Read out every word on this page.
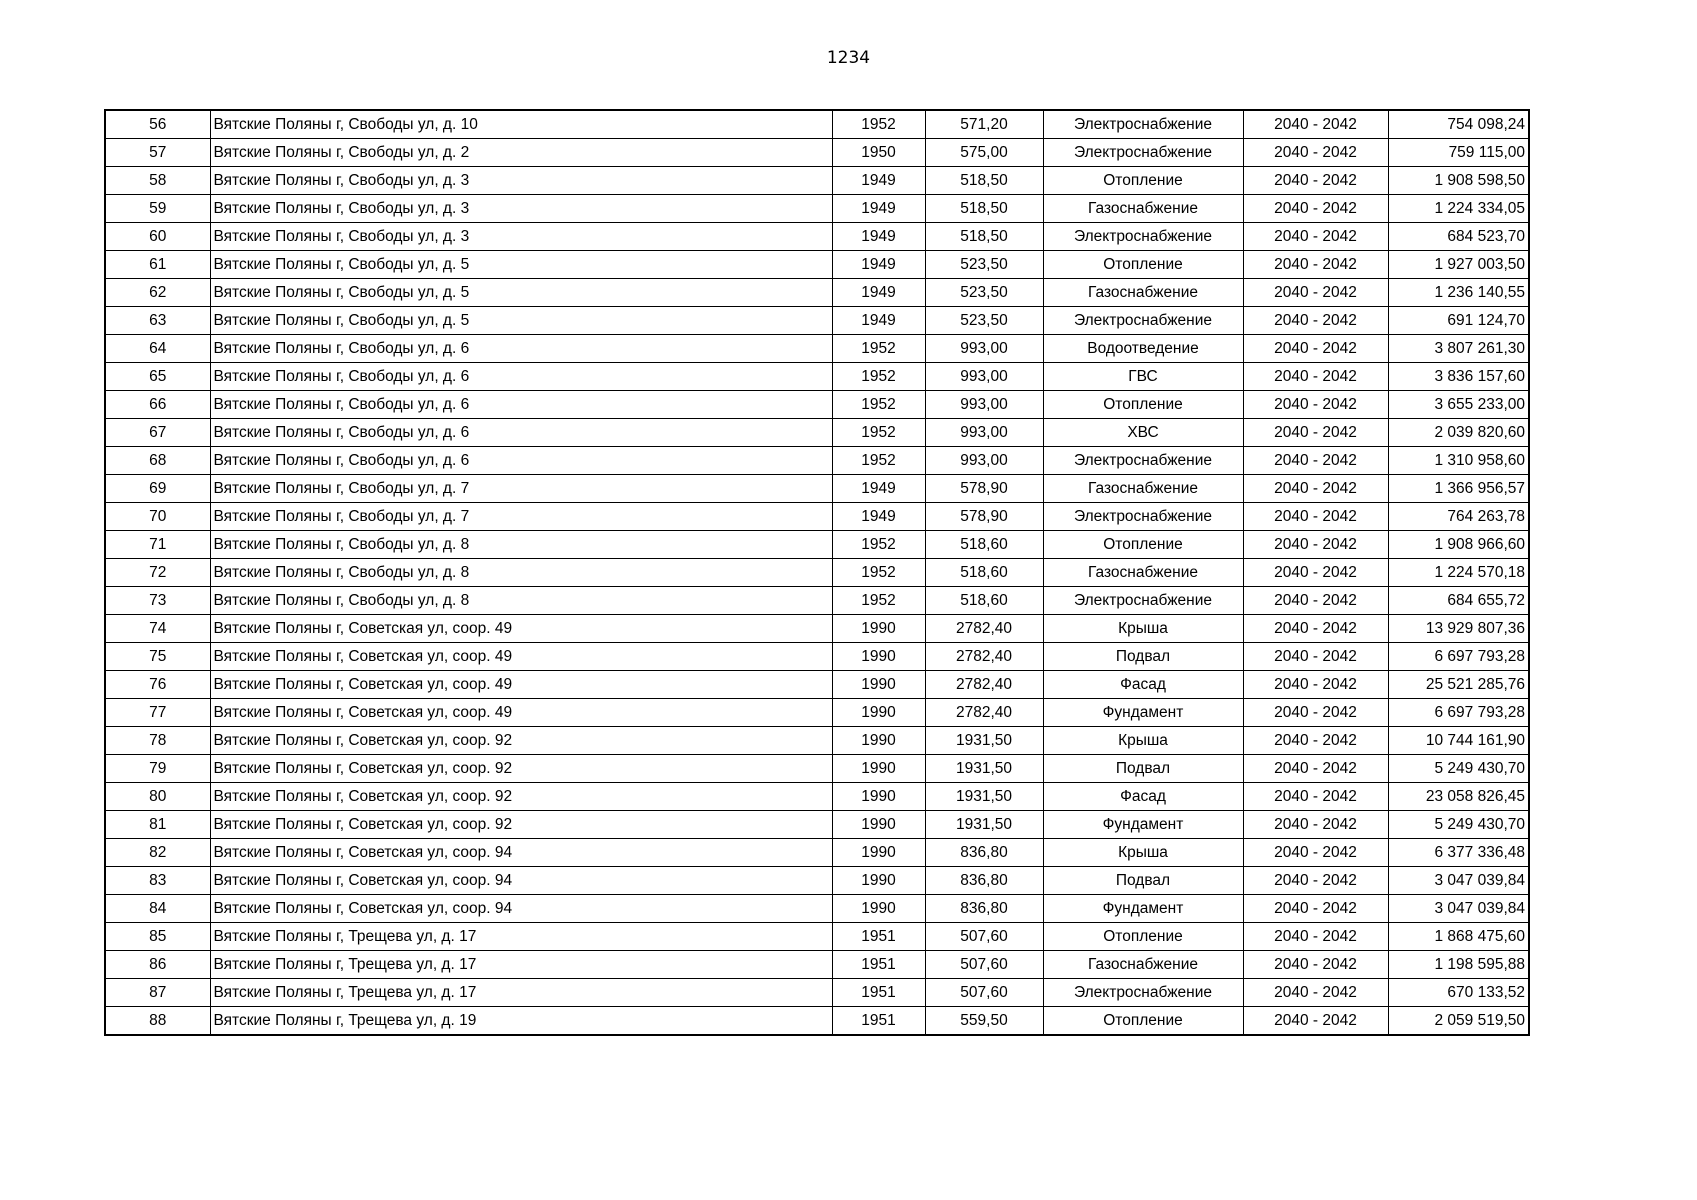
1234
56	Вятские Поляны г, Свободы ул, д. 10	1952	571,20	Электроснабжение	2040 - 2042	754 098,24
57	Вятские Поляны г, Свободы ул, д. 2	1950	575,00	Электроснабжение	2040 - 2042	759 115,00
58	Вятские Поляны г, Свободы ул, д. 3	1949	518,50	Отопление	2040 - 2042	1 908 598,50
59	Вятские Поляны г, Свободы ул, д. 3	1949	518,50	Газоснабжение	2040 - 2042	1 224 334,05
60	Вятские Поляны г, Свободы ул, д. 3	1949	518,50	Электроснабжение	2040 - 2042	684 523,70
61	Вятские Поляны г, Свободы ул, д. 5	1949	523,50	Отопление	2040 - 2042	1 927 003,50
62	Вятские Поляны г, Свободы ул, д. 5	1949	523,50	Газоснабжение	2040 - 2042	1 236 140,55
63	Вятские Поляны г, Свободы ул, д. 5	1949	523,50	Электроснабжение	2040 - 2042	691 124,70
64	Вятские Поляны г, Свободы ул, д. 6	1952	993,00	Водоотведение	2040 - 2042	3 807 261,30
65	Вятские Поляны г, Свободы ул, д. 6	1952	993,00	ГВС	2040 - 2042	3 836 157,60
66	Вятские Поляны г, Свободы ул, д. 6	1952	993,00	Отопление	2040 - 2042	3 655 233,00
67	Вятские Поляны г, Свободы ул, д. 6	1952	993,00	ХВС	2040 - 2042	2 039 820,60
68	Вятские Поляны г, Свободы ул, д. 6	1952	993,00	Электроснабжение	2040 - 2042	1 310 958,60
69	Вятские Поляны г, Свободы ул, д. 7	1949	578,90	Газоснабжение	2040 - 2042	1 366 956,57
70	Вятские Поляны г, Свободы ул, д. 7	1949	578,90	Электроснабжение	2040 - 2042	764 263,78
71	Вятские Поляны г, Свободы ул, д. 8	1952	518,60	Отопление	2040 - 2042	1 908 966,60
72	Вятские Поляны г, Свободы ул, д. 8	1952	518,60	Газоснабжение	2040 - 2042	1 224 570,18
73	Вятские Поляны г, Свободы ул, д. 8	1952	518,60	Электроснабжение	2040 - 2042	684 655,72
74	Вятские Поляны г, Советская ул, соор. 49	1990	2782,40	Крыша	2040 - 2042	13 929 807,36
75	Вятские Поляны г, Советская ул, соор. 49	1990	2782,40	Подвал	2040 - 2042	6 697 793,28
76	Вятские Поляны г, Советская ул, соор. 49	1990	2782,40	Фасад	2040 - 2042	25 521 285,76
77	Вятские Поляны г, Советская ул, соор. 49	1990	2782,40	Фундамент	2040 - 2042	6 697 793,28
78	Вятские Поляны г, Советская ул, соор. 92	1990	1931,50	Крыша	2040 - 2042	10 744 161,90
79	Вятские Поляны г, Советская ул, соор. 92	1990	1931,50	Подвал	2040 - 2042	5 249 430,70
80	Вятские Поляны г, Советская ул, соор. 92	1990	1931,50	Фасад	2040 - 2042	23 058 826,45
81	Вятские Поляны г, Советская ул, соор. 92	1990	1931,50	Фундамент	2040 - 2042	5 249 430,70
82	Вятские Поляны г, Советская ул, соор. 94	1990	836,80	Крыша	2040 - 2042	6 377 336,48
83	Вятские Поляны г, Советская ул, соор. 94	1990	836,80	Подвал	2040 - 2042	3 047 039,84
84	Вятские Поляны г, Советская ул, соор. 94	1990	836,80	Фундамент	2040 - 2042	3 047 039,84
85	Вятские Поляны г, Трещева ул, д. 17	1951	507,60	Отопление	2040 - 2042	1 868 475,60
86	Вятские Поляны г, Трещева ул, д. 17	1951	507,60	Газоснабжение	2040 - 2042	1 198 595,88
87	Вятские Поляны г, Трещева ул, д. 17	1951	507,60	Электроснабжение	2040 - 2042	670 133,52
88	Вятские Поляны г, Трещева ул, д. 19	1951	559,50	Отопление	2040 - 2042	2 059 519,50
